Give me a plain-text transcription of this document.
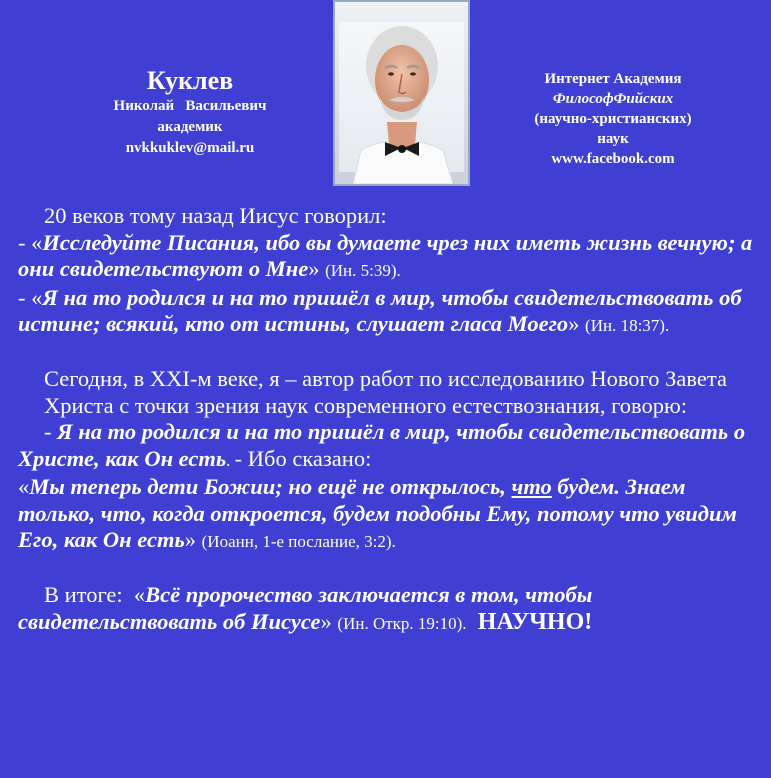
Куклев
Николай   Васильевич
академик
nvkkuklev@mail.ru
Интернет Академия
ФилософФийских
(научно-христианских)
наук
www.facebook.com

20 веков тому назад Иисус говорил:

- «Исследуйте Писания, ибо вы думаете чрез них иметь жизнь вечную; а они свидетельствуют о Мне» (Ин. 5:39).

- «Я на то родился и на то пришёл в мир, чтобы свидетельствовать об истине; всякий, кто от истины, слушает гласа Моего» (Ин. 18:37).

Сегодня, в XXI-м веке, я – автор работ по исследованию Нового Завета Христа с точки зрения наук современного естествознания, говорю:

- Я на то родился и на то пришёл в мир, чтобы свидетельствовать о Христе, как Он есть. - Ибо сказано:

«Мы теперь дети Божии; но ещё не открылось, что будем. Знаем только, что, когда откроется, будем подобны Ему, потому что увидим Его, как Он есть» (Иоанн, 1-е послание, 3:2).

В итоге:  «Всё пророчество заключается в том, чтобы свидетельствовать об Иисусе» (Ин. Откр. 19:10). НАУЧНО!
